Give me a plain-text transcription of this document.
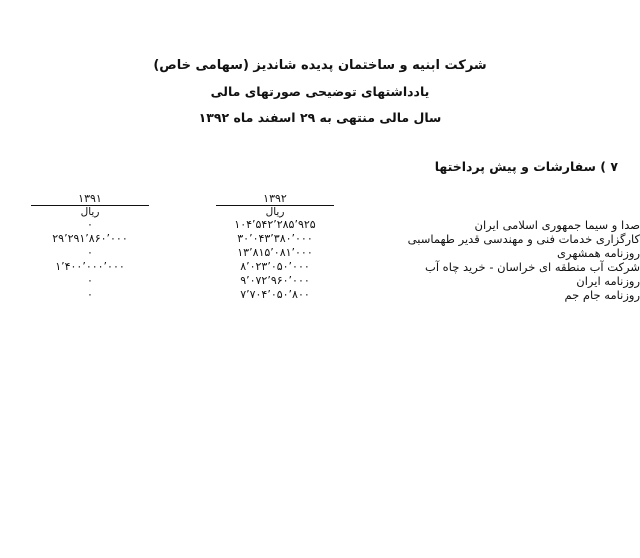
شرکت ابنیه و ساختمان پدیده شاندیز (سهامی خاص)
یادداشتهای توضیحی صورتهای مالی
سال مالی منتهی به ۲۹ اسفند ماه ۱۳۹۲
۷ ) سفارشات و پیش پرداختها
	۱۳۹۲	۱۳۹۱

	ریال	ریال

صدا و سیما جمهوری اسلامی ایران	۱۰۴٬۵۴۲٬۲۸۵٬۹۲۵	۰

کارگزاری خدمات فنی و مهندسی قدیر طهماسبی	۳۰٬۰۴۳٬۳۸۰٬۰۰۰	۲۹٬۲۹۱٬۸۶۰٬۰۰۰

روزنامه همشهری	۱۳٬۸۱۵٬۰۸۱٬۰۰۰	۰

شرکت آب منطقه ای خراسان - خرید چاه آب	۸٬۰۲۳٬۰۵۰٬۰۰۰	۱٬۴۰۰٬۰۰۰٬۰۰۰

روزنامه ایران	۹٬۰۷۲٬۹۶۰٬۰۰۰	۰

روزنامه جام جم	۷٬۷۰۴٬۰۵۰٬۸۰۰	۰
